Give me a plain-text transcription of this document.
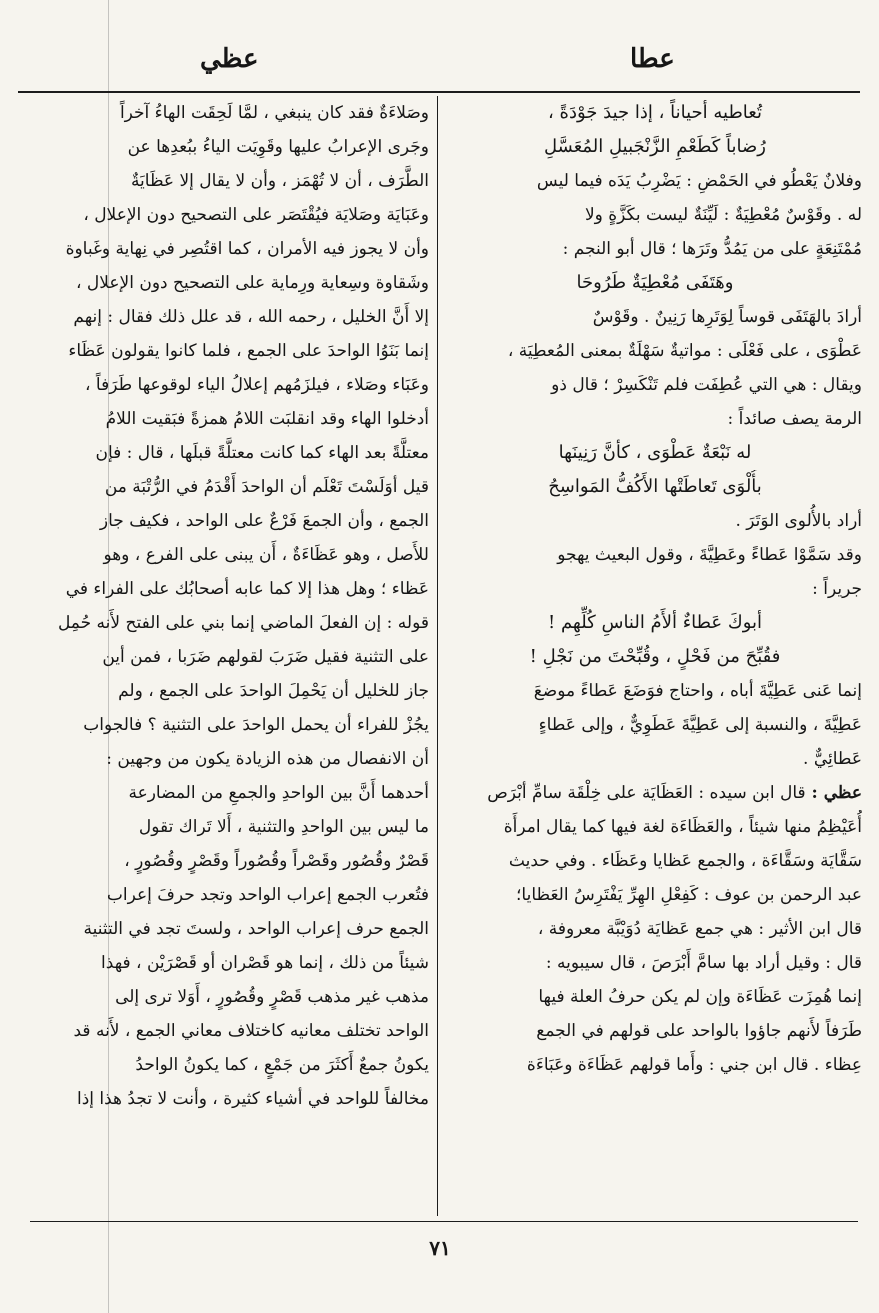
عطا
عظي
تُعاطيه أحياناً ، إذا جيدَ جَوْدَةً ،
رُضاباً كَطَعْمِ الزَّنْجَبيلِ المُعَسَّلِ
وفلانٌ يَعْطُو في الحَمْضِ : يَضْرِبُ يَدَه فيما ليس
له . وقَوْسٌ مُعْطِيَةٌ : لَيِّنَةٌ ليست بكَزَّةٍ ولا
مُمْتَنِعَةٍ على من يَمُدُّ وتَرَها ؛ قال أبو النجم :
وهَتَفَى مُعْطِيَةٌ طَرُوحَا
أرادَ بالهَتَفَى قوساً لِوَتَرِها رَنِينٌ . وقَوْسٌ
عَطْوَى ، على فَعْلَى : مواتيةٌ سَهْلَةٌ بمعنى المُعطِيَة ،
ويقال : هي التي عُطِفَت فلم تَنْكَسِرْ ؛ قال ذو
الرمة يصف صائداً :
له نَبْعَةٌ عَطْوَى ، كأنَّ رَنِينَها
بأُلْوَى تَعاطَتْها الأَكُفُّ المَواسِحُ
أراد بالأُلوى الوَتَرَ .
وقد سَمَّوْا عَطاءً وعَطِيَّةَ ، وقول البعيث يهجو
جريراً :
أبوكَ عَطاءٌ ألأَمُ الناسِ كُلِّهِم !
فقُبِّحَ من فَحْلٍ ، وقُبِّحْتَ من نَجْلِ !
إنما عَنى عَطِيَّةَ أباه ، واحتاج فوَضَعَ عَطاءً موضعَ
عَطِيَّةَ ، والنسبة إلى عَطِيَّةَ عَطَوِيٌّ ، وإلى عَطاءٍ
عَطائِيٌّ .
عظي : قال ابن سيده : العَظَايَة على خِلْقَة سامِّ أبْرَص
أُعَيْظِمُ منها شيئاً ، والعَظَاءَة لغة فيها كما يقال امرأَة
سَقَّايَة وسَقَّاءَة ، والجمع عَظايا وعَظَاء . وفي حديث
عبد الرحمن بن عوف : كَفِعْلِ الهِرِّ يَفْتَرِسُ العَظايا؛
قال ابن الأثير : هي جمع عَظايَة دُوَيْبَّة معروفة ،
قال : وقيل أراد بها سامَّ أَبْرَصَ ، قال سيبويه :
إنما هُمِزَت عَظَاءَة وإن لم يكن حرفُ العلة فيها
طَرَفاً لأَنهم جاؤوا بالواحد على قولهم في الجمع
عِظاء . قال ابن جني : وأَما قولهم عَظَاءَة وعَبَاءَة
وصَلاءَةٌ فقد كان ينبغي ، لمَّا لَحِقَت الهاءُ آخراً
وجَرى الإعرابُ عليها وقَوِيَت الياءُ ببُعدِها عن
الطَّرَف ، أن لا تُهْمَز ، وأن لا يقال إلا عَظَايَةٌ
وعَبَايَة وصَلايَة فيُقْتَصَر على التصحيح دون الإعلال ،
وأن لا يجوز فيه الأمران ، كما اقتُصِر في نِهاية وغَباوة
وشَقاوة وسِعاية ورِماية على التصحيح دون الإعلال ،
إلا أَنَّ الخليل ، رحمه الله ، قد علل ذلك فقال : إنهم
إنما بَنَوُا الواحدَ على الجمع ، فلما كانوا يقولون عَظَاء
وعَبَاء وصَلاء ، فيلزَمُهم إعلالُ الياء لوقوعها طَرَفاً ،
أدخلوا الهاء وقد انقلبَت اللامُ همزةً فبَقيت اللامُ
معتلَّةً بعد الهاء كما كانت معتلَّةً قبلَها ، قال : فإن
قيل أوَلَسْتَ تَعْلَم أن الواحدَ أَقْدَمُ في الرُّتْبَة من
الجمع ، وأن الجمعَ فَرْعٌ على الواحد ، فكيف جاز
للأَصل ، وهو عَظَاءَةٌ ، أَن يبنى على الفرع ، وهو
عَظاء ؛ وهل هذا إلا كما عابه أصحابُك على الفراء في
قوله : إن الفعلَ الماضي إنما بني على الفتح لأَنه حُمِل
على التثنية فقيل ضَرَبَ لقولهم ضَرَبا ، فمن أين
جاز للخليل أن يَحْمِلَ الواحدَ على الجمع ، ولم
يجُزْ للفراء أن يحمل الواحدَ على التثنية ؟ فالجواب
أن الانفصال من هذه الزيادة يكون من وجهين :
أحدهما أَنَّ بين الواحدِ والجمعِ من المضارعة
ما ليس بين الواحدِ والتثنية ، أَلا تَراك تقول
قَصْرٌ وقُصُور وقَصْراً وقُصُوراً وقَصْرٍ وقُصُورٍ ،
فتُعرب الجمع إعراب الواحد وتجد حرفَ إعراب
الجمع حرف إعراب الواحد ، ولستَ تجد في التثنية
شيئاً من ذلك ، إنما هو قَصْران أو قَصْرَيْن ، فهذا
مذهب غير مذهب قَصْرٍ وقُصُورٍ ، أَوَلا ترى إلى
الواحد تختلف معانيه كاختلاف معاني الجمع ، لأَنه قد
يكونُ جمعٌ أَكثَرَ من جَمْعٍ ، كما يكونُ الواحدُ
مخالفاً للواحد في أشياء كثيرة ، وأنت لا تجدُ هذا إذا
٧١
